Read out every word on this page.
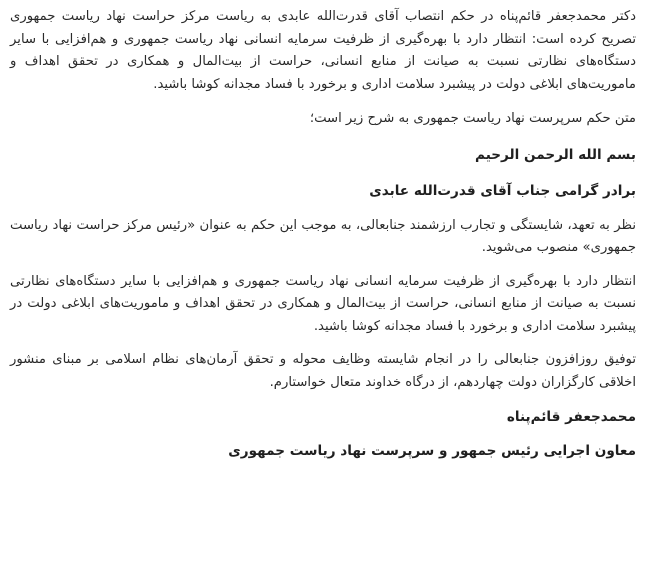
دکتر محمدجعفر قائم‌پناه در حکم انتصاب آقای قدرت‌الله عابدی به ریاست مرکز حراست نهاد ریاست جمهوری تصریح کرده است: انتظار دارد با بهره‌گیری از ظرفیت سرمایه انسانی نهاد ریاست جمهوری و هم‌افزایی با سایر دستگاه‌های نظارتی نسبت به صیانت از منابع انسانی، حراست از بیت‌المال و همکاری در تحقق اهداف و ماموریت‌های ابلاغی دولت در پیشبرد سلامت اداری و برخورد با فساد مجدانه کوشا باشید.

متن حکم سرپرست نهاد ریاست جمهوری به شرح زیر است؛

بسم الله الرحمن الرحیم

برادر گرامی جناب آقای قدرت‌الله عابدی

نظر به تعهد، شایستگی و تجارب ارزشمند جنابعالی، به موجب این حکم به عنوان «رئیس مرکز حراست نهاد ریاست جمهوری» منصوب می‌شوید.

انتظار دارد با بهره‌گیری از ظرفیت سرمایه انسانی نهاد ریاست جمهوری و هم‌افزایی با سایر دستگاه‌های نظارتی نسبت به صیانت از منابع انسانی، حراست از بیت‌المال و همکاری در تحقق اهداف و ماموریت‌های ابلاغی دولت در پیشبرد سلامت اداری و برخورد با فساد مجدانه کوشا باشید.

توفیق روزافزون جنابعالی را در انجام شایسته وظایف محوله و تحقق آرمان‌های نظام اسلامی بر مبنای منشور اخلاقی کارگزاران دولت چهاردهم، از درگاه خداوند متعال خواستارم.

محمدجعفر قائم‌پناه

معاون اجرایی رئیس جمهور و سرپرست نهاد ریاست جمهوری
